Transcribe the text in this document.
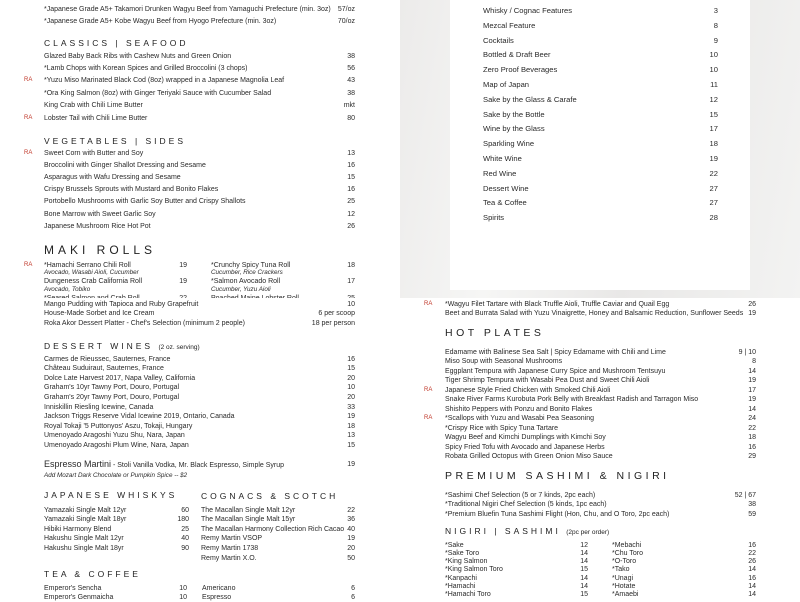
CLASSICS | SEAFOOD
VEGETABLES | SIDES
MAKI ROLLS
*Japanese Grade A5+ Takamori Drunken Wagyu Beef from Yamaguchi Prefecture (min. 3oz) 57/oz
*Japanese Grade A5+ Kobe Wagyu Beef from Hyogo Prefecture (min. 3oz)	70/oz
Glazed Baby Back Ribs with Cashew Nuts and Green Onion	38
*Lamb Chops with Korean Spices and Grilled Broccolini (3 chops)	56
*Yuzu Miso Marinated Black Cod (8oz) wrapped in a Japanese Magnolia Leaf	43
RA
*Ora King Salmon (8oz) with Ginger Teriyaki Sauce with Cucumber Salad	38
King Crab with Chili Lime Butter	mkt
Lobster Tail with Chili Lime Butter	80
RA
Sweet Corn with Butter and Soy	13
RA
Broccolini with Ginger Shallot Dressing and Sesame	16
Asparagus with Wafu Dressing and Sesame	15
Crispy Brussels Sprouts with Mustard and Bonito Flakes	16
Portobello Mushrooms with Garlic Soy Butter and Crispy Shallots	25
Bone Marrow with Sweet Garlic Soy	12
Japanese Mushroom Rice Hot Pot	26
*Hamachi Serrano Chili Roll	19
RA
Avocado, Wasabi Aioli, Cucumber
Dungeness Crab California Roll	19
Avocado, Tobiko
*Crunchy Spicy Tuna Roll	18
Cucumber, Rice Crackers
*Salmon Avocado Roll	17
Cucumber, Yuzu Aioli
Whisky / Cognac Features	3
Mezcal Feature	8
Cocktails	9
Bottled & Draft Beer	10
Zero Proof Beverages	10
Map of Japan	11
Sake by the Glass & Carafe	12
Sake by the Bottle	15
Wine by the Glass	17
Sparkling Wine	18
White Wine	19
Red Wine	22
Dessert Wine	27
Tea & Coffee	27
Spirits	28
DESSERT WINES (2 oz. serving)
Espresso Martini - Stoli Vanilla Vodka, Mr. Black Espresso, Simple Syrup	19
Add Mozart Dark Chocolate or Pumpkin Spice -- $2
JAPANESE WHISKYS	COGNACS & SCOTCH
TEA & COFFEE
Mango Pudding with Tapioca and Ruby Grapefruit	10
House-Made Sorbet and Ice Cream	6 per scoop
Roka Akor Dessert Platter - Chef's Selection (minimum 2 people)	18 per person
Carmes de Rieussec, Sauternes, France	16
Château Suduiraut, Sauternes, France	15
Dolce Late Harvest 2017, Napa Valley, California	20
Graham's 10yr Tawny Port, Douro, Portugal	10
Graham's 20yr Tawny Port, Douro, Portugal	20
Inniskillin Riesling Icewine, Canada	33
Jackson Triggs Reserve Vidal Icewine 2019, Ontario, Canada	19
Royal Tokaji '5 Puttonyos' Aszu, Tokaji, Hungary	18
Umenoyado Aragoshi Yuzu Shu, Nara, Japan	13
Umenoyado Aragoshi Plum Wine, Nara, Japan	15
Yamazaki Single Malt 12yr	60
Yamazaki Single Malt 18yr	180
Hibiki Harmony Blend	25
Hakushu Single Malt 12yr	40
Hakushu Single Malt 18yr	90
The Macallan Single Malt 12yr	22
The Macallan Single Malt 15yr	36
The Macallan Harmony Collection Rich Cacao 40
Remy Martin VSOP	19
Remy Martin 1738	20
Remy Martin X.O.	50
Emperor's Sencha	10
Emperor's Genmaicha	10
Americano	6
Espresso	6
HOT PLATES
PREMIUM SASHIMI & NIGIRI
NIGIRI | SASHIMI (2pc per order)
*Wagyu Filet Tartare with Black Truffle Aioli, Truffle Caviar and Quail Egg	26
RA
Beet and Burrata Salad with Yuzu Vinaigrette, Honey and Balsamic Reduction, Sunflower Seeds 19
Edamame with Balinese Sea Salt | Spicy Edamame with Chili and Lime	9 | 10
Miso Soup with Seasonal Mushrooms	8
Eggplant Tempura with Japanese Curry Spice and Mushroom Tentsuyu	14
Tiger Shrimp Tempura with Wasabi Pea Dust and Sweet Chili Aioli	19
Japanese Style Fried Chicken with Smoked Chili Aioli	17
RA
Snake River Farms Kurobuta Pork Belly with Breakfast Radish and Tarragon Miso	19
Shishito Peppers with Ponzu and Bonito Flakes	14
*Scallops with Yuzu and Wasabi Pea Seasoning	24
RA
*Crispy Rice with Spicy Tuna Tartare	22
Wagyu Beef and Kimchi Dumplings with Kimchi Soy	18
Spicy Fried Tofu with Avocado and Japanese Herbs	16
Robata Grilled Octopus with Green Onion Miso Sauce	29
*Sashimi Chef Selection (5 or 7 kinds, 2pc each)	52 | 67
*Traditional Nigiri Chef Selection (5 kinds, 1pc each)	38
*Premium Bluefin Tuna Sashimi Flight (Hon, Chu, and O Toro, 2pc each)	59
*Sake	12
*Sake Toro	14
*King Salmon	14
*King Salmon Toro	15
*Kanpachi	14
*Hamachi	14
*Hamachi Toro	15
*Mebachi	16
*Chu Toro	22
*O-Toro	26
*Tako	14
*Unagi	16
*Hotate	14
*Amaebi	14
